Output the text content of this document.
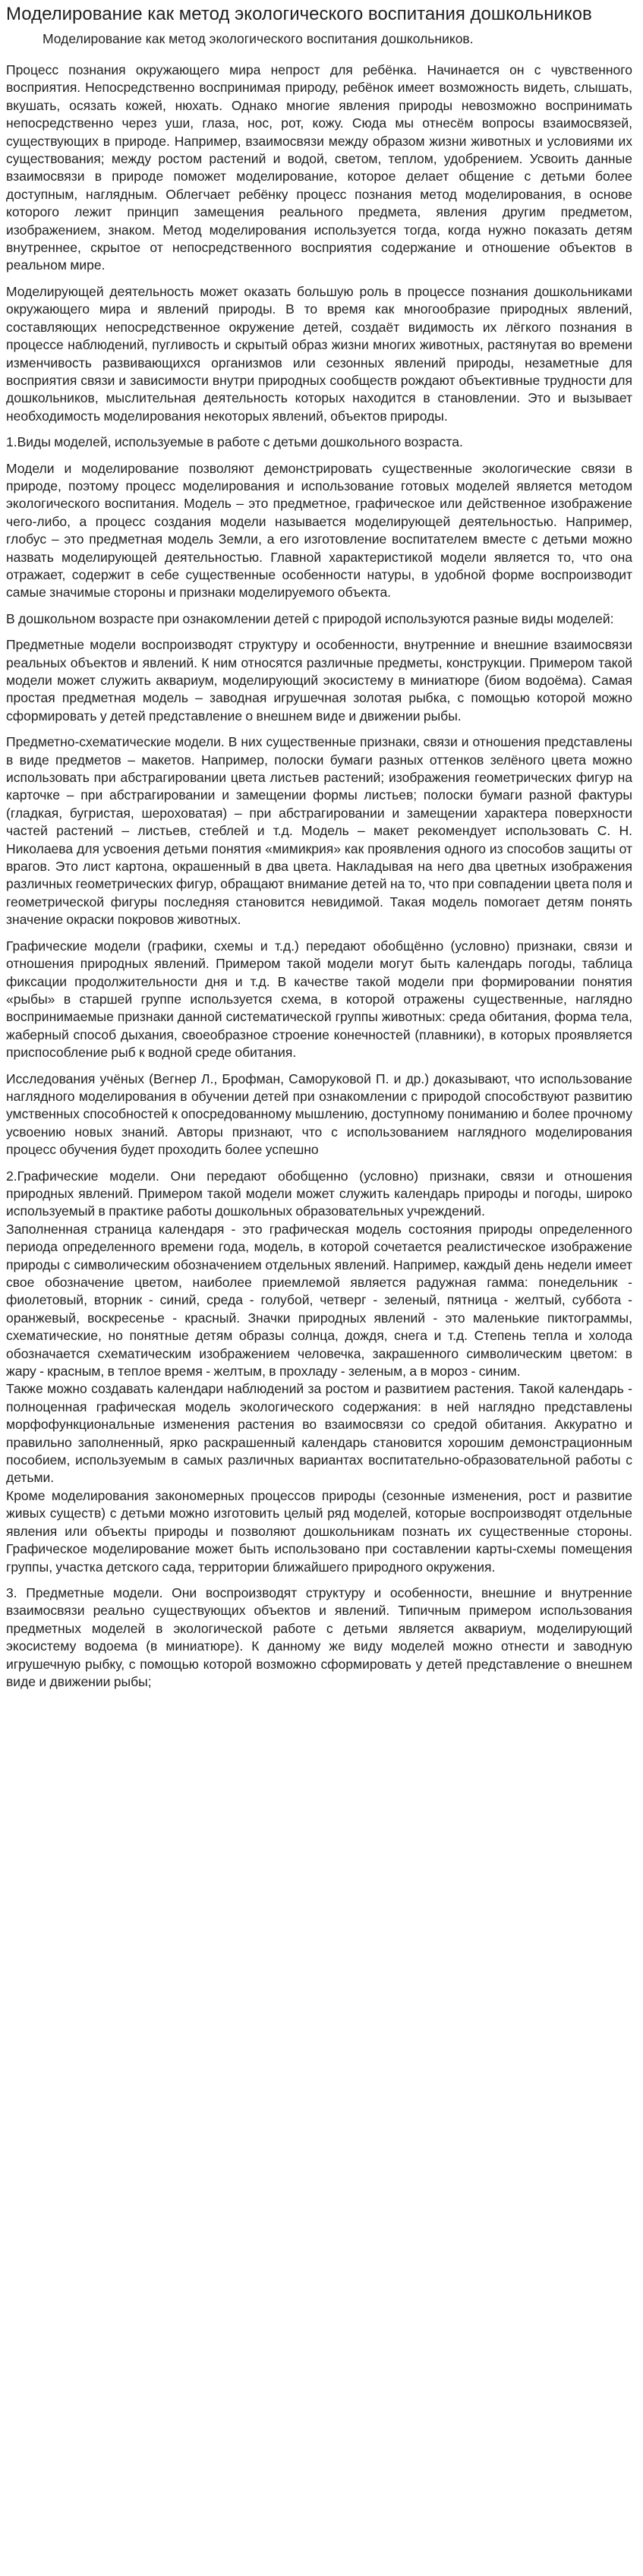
Моделирование как метод экологического воспитания дошкольников

Моделирование как метод экологического воспитания дошкольников.

Процесс познания окружающего мира непрост для ребёнка. Начинается он с чувственного восприятия. Непосредственно воспринимая природу, ребёнок имеет возможность видеть, слышать, вкушать, осязать кожей, нюхать. Однако многие явления природы невозможно воспринимать непосредственно через уши, глаза, нос, рот, кожу. Сюда мы отнесём вопросы взаимосвязей, существующих в природе. Например, взаимосвязи между образом жизни животных и условиями их существования; между ростом растений и водой, светом, теплом, удобрением. Усвоить данные взаимосвязи в природе поможет моделирование, которое делает общение с детьми более доступным, наглядным. Облегчает ребёнку процесс познания метод моделирования, в основе которого лежит принцип замещения реального предмета, явления другим предметом, изображением, знаком. Метод моделирования используется тогда, когда нужно показать детям внутреннее, скрытое от непосредственного восприятия содержание и отношение объектов в реальном мире.

Моделирующей деятельность может оказать большую роль в процессе познания дошкольниками окружающего мира и явлений природы. В то время как многообразие природных явлений, составляющих непосредственное окружение детей, создаёт видимость их лёгкого познания в процессе наблюдений, пугливость и скрытый образ жизни многих животных, растянутая во времени изменчивость развивающихся организмов или сезонных явлений природы, незаметные для восприятия связи и зависимости внутри природных сообществ рождают объективные трудности для дошкольников, мыслительная деятельность которых находится в становлении. Это и вызывает необходимость моделирования некоторых явлений, объектов природы.

1.Виды моделей, используемые в работе с детьми дошкольного возраста.

Модели и моделирование позволяют демонстрировать существенные экологические связи в природе, поэтому процесс моделирования и использование готовых моделей является методом экологического воспитания. Модель – это предметное, графическое или действенное изображение чего-либо, а процесс создания модели называется моделирующей деятельностью. Например, глобус – это предметная модель Земли, а его изготовление воспитателем вместе с детьми можно назвать моделирующей деятельностью. Главной характеристикой модели является то, что она отражает, содержит в себе существенные особенности натуры, в удобной форме воспроизводит самые значимые стороны и признаки моделируемого объекта.

В дошкольном возрасте при ознакомлении детей с природой используются разные виды моделей:

Предметные модели воспроизводят структуру и особенности, внутренние и внешние взаимосвязи реальных объектов и явлений. К ним относятся различные предметы, конструкции. Примером такой модели может служить аквариум, моделирующий экосистему в миниатюре (биом водоёма). Самая простая предметная модель – заводная игрушечная золотая рыбка, с помощью которой можно сформировать у детей представление о внешнем виде и движении рыбы.

Предметно-схематические модели. В них существенные признаки, связи и отношения представлены в виде предметов – макетов. Например, полоски бумаги разных оттенков зелёного цвета можно использовать при абстрагировании цвета листьев растений; изображения геометрических фигур на карточке – при абстрагировании и замещении формы листьев; полоски бумаги разной фактуры (гладкая, бугристая, шероховатая) – при абстрагировании и замещении характера поверхности частей растений – листьев, стеблей и т.д. Модель – макет рекомендует использовать С. Н. Николаева для усвоения детьми понятия «мимикрия» как проявления одного из способов защиты от врагов. Это лист картона, окрашенный в два цвета. Накладывая на него два цветных изображения различных геометрических фигур, обращают внимание детей на то, что при совпадении цвета поля и геометрической фигуры последняя становится невидимой. Такая модель помогает детям понять значение окраски покровов животных.

Графические модели (графики, схемы и т.д.) передают обобщённо (условно) признаки, связи и отношения природных явлений. Примером такой модели могут быть календарь погоды, таблица фиксации продолжительности дня и т.д. В качестве такой модели при формировании понятия «рыбы» в старшей группе используется схема, в которой отражены существенные, наглядно воспринимаемые признаки данной систематической группы животных: среда обитания, форма тела, жаберный способ дыхания, своеобразное строение конечностей (плавники), в которых проявляется приспособление рыб к водной среде обитания.

Исследования учёных (Вегнер Л., Брофман, Саморуковой П. и др.) доказывают, что использование наглядного моделирования в обучении детей при ознакомлении с природой способствуют развитию умственных способностей к опосредованному мышлению, доступному пониманию и более прочному усвоению новых знаний. Авторы признают, что с использованием наглядного моделирования процесс обучения будет проходить более успешно

2.Графические модели. Они передают обобщенно (условно) признаки, связи и отношения природных явлений. Примером такой модели может служить календарь природы и погоды, широко используемый в практике работы дошкольных образовательных учреждений.

Заполненная страница календаря - это графическая модель состояния природы определенного периода определенного времени года, модель, в которой сочетается реалистическое изображение природы с символическим обозначением отдельных явлений. Например, каждый день недели имеет свое обозначение цветом, наиболее приемлемой является радужная гамма: понедельник - фиолетовый, вторник - синий, среда - голубой, четверг - зеленый, пятница - желтый, суббота - оранжевый, воскресенье - красный. Значки природных явлений - это маленькие пиктограммы, схематические, но понятные детям образы солнца, дождя, снега и т.д. Степень тепла и холода обозначается схематическим изображением человечка, закрашенного символическим цветом: в жару - красным, в теплое время - желтым, в прохладу - зеленым, а в мороз - синим.

Также можно создавать календари наблюдений за ростом и развитием растения. Такой календарь - полноценная графическая модель экологического содержания: в ней наглядно представлены морфофункциональные изменения растения во взаимосвязи со средой обитания. Аккуратно и правильно заполненный, ярко раскрашенный календарь становится хорошим демонстрационным пособием, используемым в самых различных вариантах воспитательно-образовательной работы с детьми.

Кроме моделирования закономерных процессов природы (сезонные изменения, рост и развитие живых существ) с детьми можно изготовить целый ряд моделей, которые воспроизводят отдельные явления или объекты природы и позволяют дошкольникам познать их существенные стороны. Графическое моделирование может быть использовано при составлении карты-схемы помещения группы, участка детского сада, территории ближайшего природного окружения.

3. Предметные модели. Они воспроизводят структуру и особенности, внешние и внутренние взаимосвязи реально существующих объектов и явлений. Типичным примером использования предметных моделей в экологической работе с детьми является аквариум, моделирующий экосистему водоема (в миниатюре). К данному же виду моделей можно отнести и заводную игрушечную рыбку, с помощью которой возможно сформировать у детей представление о внешнем виде и движении рыбы;
